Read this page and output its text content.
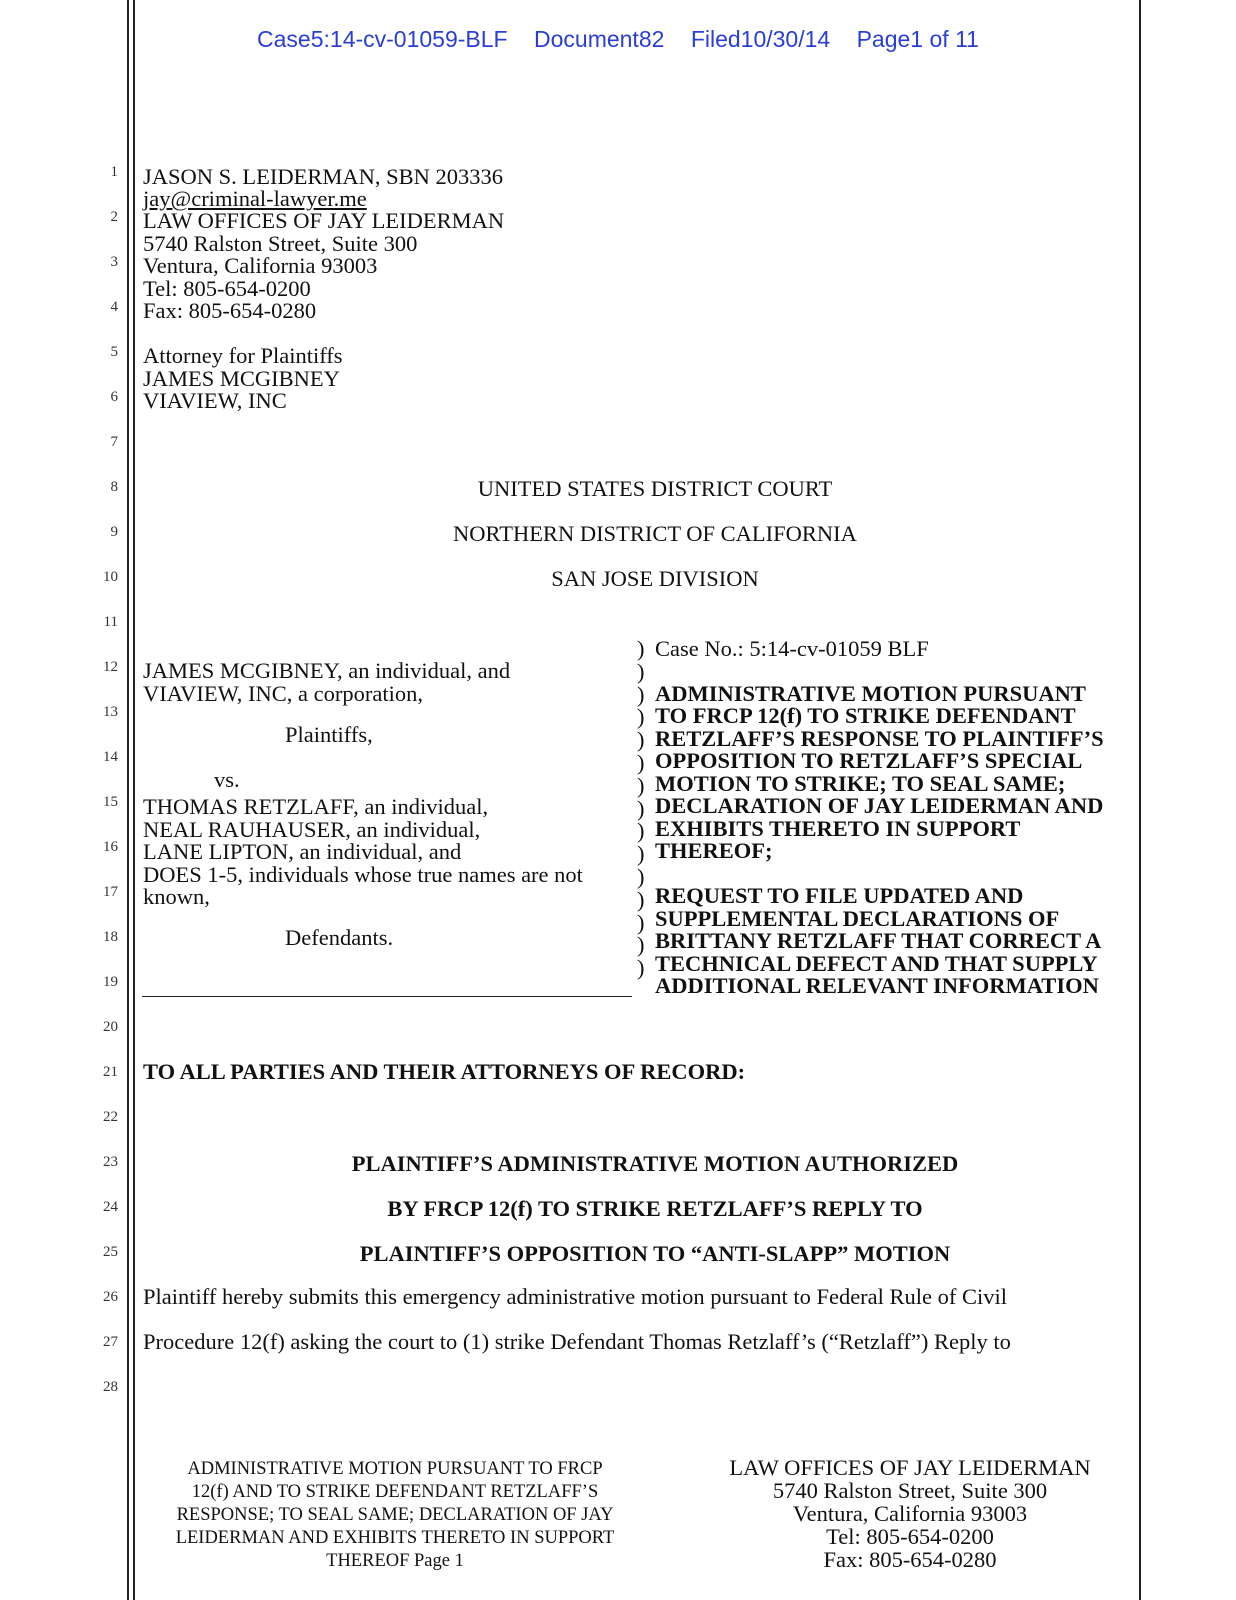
Case5:14-cv-01059-BLF Document82 Filed10/30/14 Page1 of 11
1
2
3
4
5
6
7
8
9
10
11
12
13
14
15
16
17
18
19
20
21
22
23
24
25
26
27
28
JASON S. LEIDERMAN, SBN 203336
jay@criminal-lawyer.me
LAW OFFICES OF JAY LEIDERMAN
5740 Ralston Street, Suite 300
Ventura, California 93003
Tel: 805-654-0200
Fax: 805-654-0280
Attorney for Plaintiffs
JAMES MCGIBNEY
VIAVIEW, INC
UNITED STATES DISTRICT COURT
NORTHERN DISTRICT OF CALIFORNIA
SAN JOSE DIVISION
JAMES MCGIBNEY, an individual, and
VIAVIEW, INC, a corporation,
Plaintiffs,
vs.
THOMAS RETZLAFF, an individual,
NEAL RAUHAUSER, an individual,
LANE LIPTON, an individual, and
DOES 1-5, individuals whose true names are not
known,
Defendants.
)
)
)
)
)
)
)
)
)
)
)
)
)
)
)
Case No.: 5:14-cv-01059 BLF
ADMINISTRATIVE MOTION PURSUANT
TO FRCP 12(f) TO STRIKE DEFENDANT
RETZLAFF’S RESPONSE TO PLAINTIFF’S
OPPOSITION TO RETZLAFF’S SPECIAL
MOTION TO STRIKE; TO SEAL SAME;
DECLARATION OF JAY LEIDERMAN AND
EXHIBITS THERETO IN SUPPORT
THEREOF;
REQUEST TO FILE UPDATED AND
SUPPLEMENTAL DECLARATIONS OF
BRITTANY RETZLAFF THAT CORRECT A
TECHNICAL DEFECT AND THAT SUPPLY
ADDITIONAL RELEVANT INFORMATION
TO ALL PARTIES AND THEIR ATTORNEYS OF RECORD:
PLAINTIFF’S ADMINISTRATIVE MOTION AUTHORIZED
BY FRCP 12(f) TO STRIKE RETZLAFF’S REPLY TO
PLAINTIFF’S OPPOSITION TO “ANTI-SLAPP” MOTION
Plaintiff hereby submits this emergency administrative motion pursuant to Federal Rule of Civil
Procedure 12(f) asking the court to (1) strike Defendant Thomas Retzlaff’s (“Retzlaff”) Reply to
ADMINISTRATIVE MOTION PURSUANT TO FRCP
12(f) AND TO STRIKE DEFENDANT RETZLAFF’S
RESPONSE; TO SEAL SAME; DECLARATION OF JAY
LEIDERMAN AND EXHIBITS THERETO IN SUPPORT
THEREOF Page 1
LAW OFFICES OF JAY LEIDERMAN
5740 Ralston Street, Suite 300
Ventura, California 93003
Tel: 805-654-0200
Fax: 805-654-0280
